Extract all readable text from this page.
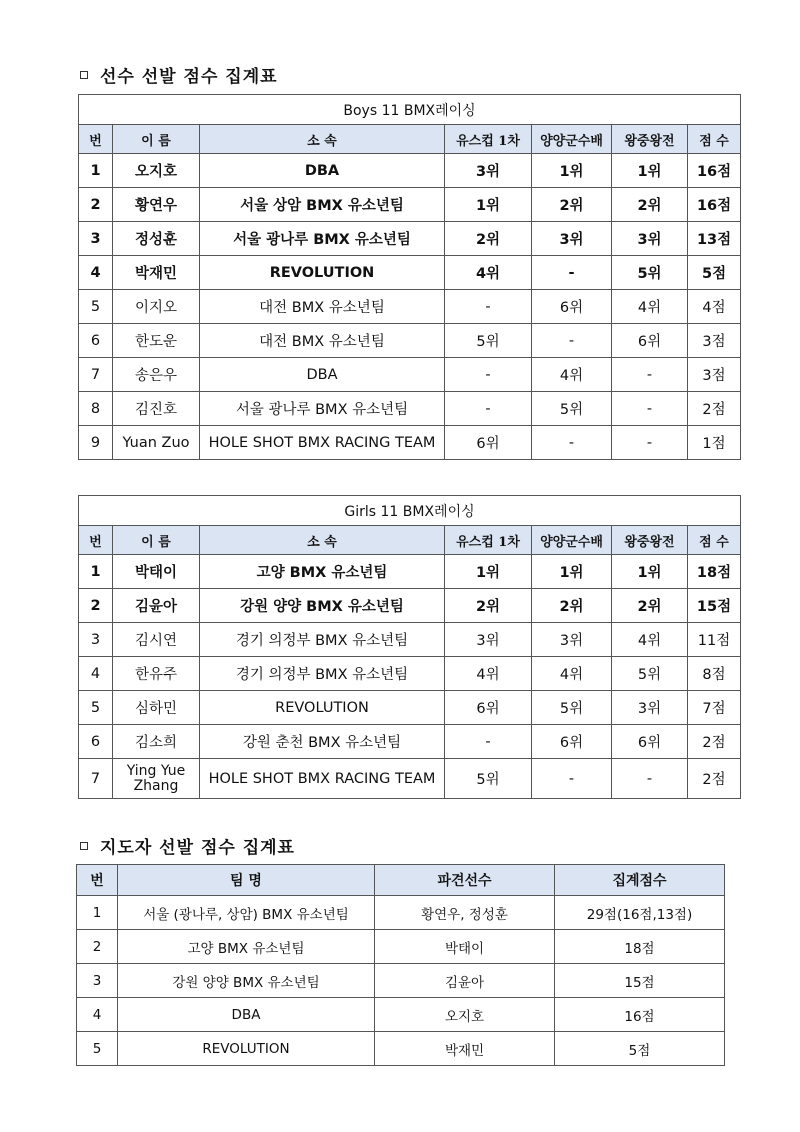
선수 선발 점수 집계표
Boys 11 BMX레이싱						
번	이 름	소 속	유스컵 1차	양양군수배	왕중왕전	점 수
1	오지호	DBA	3위	1위	1위	16점
2	황연우	서울 상암 BMX 유소년팀	1위	2위	2위	16점
3	정성훈	서울 광나루 BMX 유소년팀	2위	3위	3위	13점
4	박재민	REVOLUTION	4위	-	5위	5점
5	이지오	대전 BMX 유소년팀	-	6위	4위	4점
6	한도운	대전 BMX 유소년팀	5위	-	6위	3점
7	송은우	DBA	-	4위	-	3점
8	김진호	서울 광나루 BMX 유소년팀	-	5위	-	2점
9	Yuan Zuo	HOLE SHOT BMX RACING TEAM	6위	-	-	1점
Girls 11 BMX레이싱						
번	이 름	소 속	유스컵 1차	양양군수배	왕중왕전	점 수
1	박태이	고양 BMX 유소년팀	1위	1위	1위	18점
2	김윤아	강원 양양 BMX 유소년팀	2위	2위	2위	15점
3	김시연	경기 의정부 BMX 유소년팀	3위	3위	4위	11점
4	한유주	경기 의정부 BMX 유소년팀	4위	4위	5위	8점
5	심하민	REVOLUTION	6위	5위	3위	7점
6	김소희	강원 춘천 BMX 유소년팀	-	6위	6위	2점
7	Ying Yue Zhang	HOLE SHOT BMX RACING TEAM	5위	-	-	2점
지도자 선발 점수 집계표
번	팀 명	파견선수	집계점수
1	서울 (광나루, 상암) BMX 유소년팀	황연우, 정성훈	29점(16점,13점)
2	고양 BMX 유소년팀	박태이	18점
3	강원 양양 BMX 유소년팀	김윤아	15점
4	DBA	오지호	16점
5	REVOLUTION	박재민	5점
